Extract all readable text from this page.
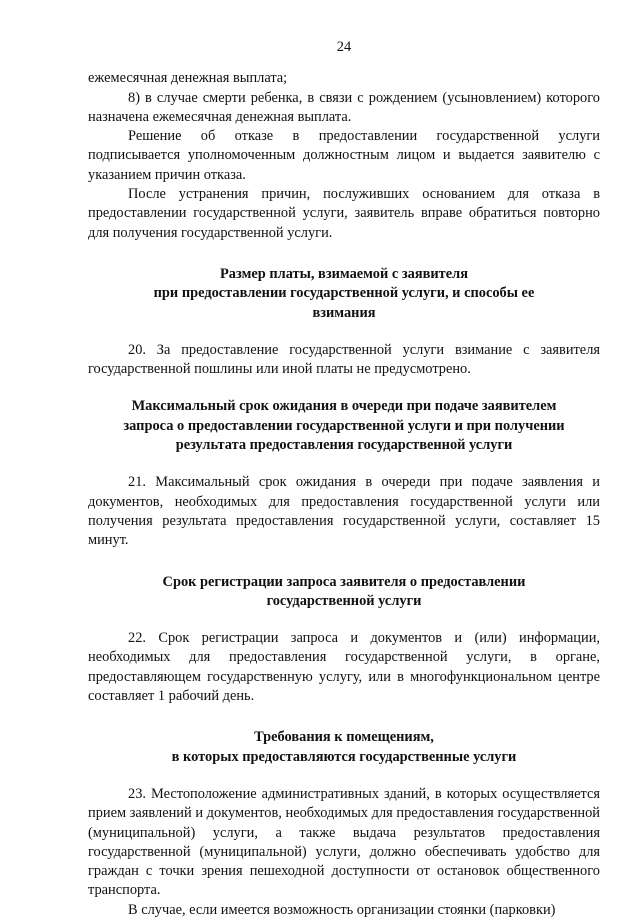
24

ежемесячная денежная выплата;

8) в случае смерти ребенка, в связи с рождением (усыновлением) которого назначена ежемесячная денежная выплата.

Решение об отказе в предоставлении государственной услуги подписывается уполномоченным должностным лицом и выдается заявителю с указанием причин отказа.

После устранения причин, послуживших основанием для отказа в предоставлении государственной услуги, заявитель вправе обратиться повторно для получения государственной услуги.

Размер платы, взимаемой с заявителя
при предоставлении государственной услуги, и способы ее
взимания

20. За предоставление государственной услуги взимание с заявителя государственной пошлины или иной платы не предусмотрено.

Максимальный срок ожидания в очереди при подаче заявителем
запроса о предоставлении государственной услуги и при получении
результата предоставления государственной услуги

21. Максимальный срок ожидания в очереди при подаче заявления и документов, необходимых для предоставления государственной услуги или получения результата предоставления государственной услуги, составляет 15 минут.

Срок регистрации запроса заявителя о предоставлении
государственной услуги

22. Срок регистрации запроса и документов и (или) информации, необходимых для предоставления государственной услуги, в органе, предоставляющем государственную услугу, или в многофункциональном центре составляет 1 рабочий день.

Требования к помещениям,
в которых предоставляются государственные услуги

23. Местоположение административных зданий, в которых осуществляется прием заявлений и документов, необходимых для предоставления государственной (муниципальной) услуги, а также выдача результатов предоставления государственной (муниципальной) услуги, должно обеспечивать удобство для граждан с точки зрения пешеходной доступности от остановок общественного транспорта.

В случае, если имеется возможность организации стоянки (парковки)
